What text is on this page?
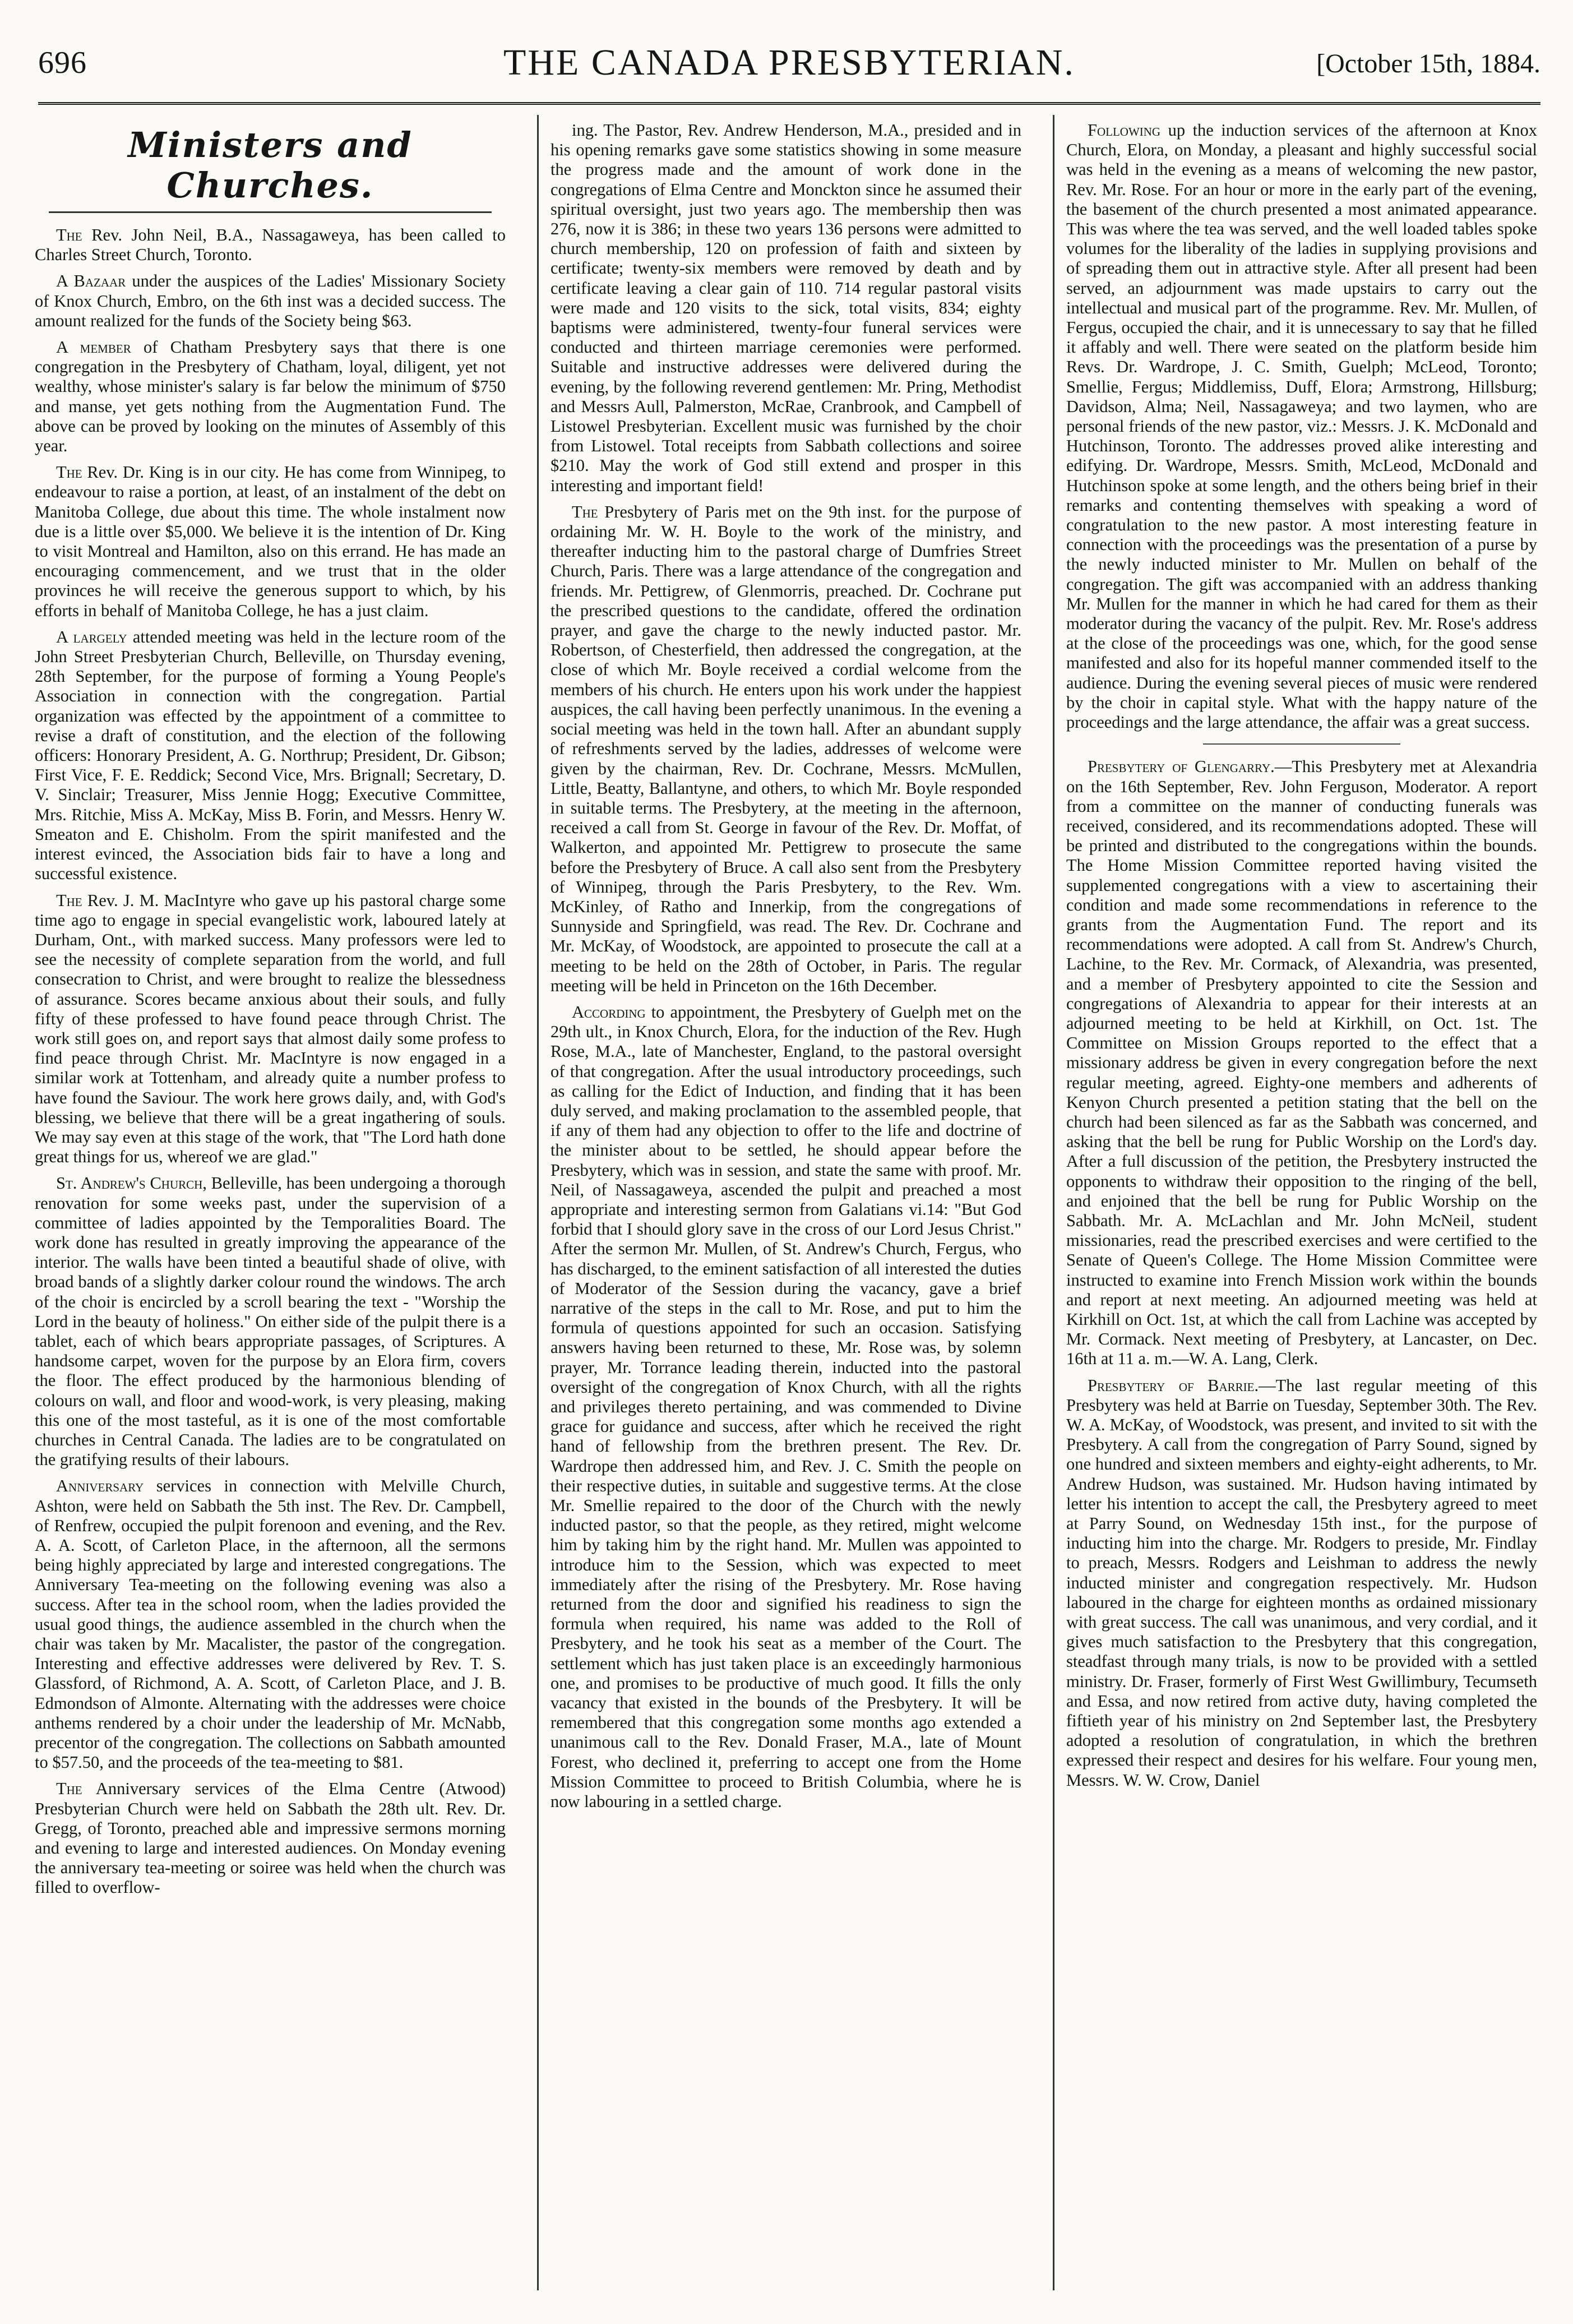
696	THE CANADA PRESBYTERIAN.	[October 15th, 1884.
Ministers and Churches.

The Rev. John Neil, B.A., Nassagaweya, has been called to Charles Street Church, Toronto.

A Bazaar under the auspices of the Ladies' Missionary Society of Knox Church, Embro, on the 6th inst was a decided success. The amount realized for the funds of the Society being $63.

A member of Chatham Presbytery says that there is one congregation in the Presbytery of Chatham, loyal, diligent, yet not wealthy, whose minister's salary is far below the minimum of $750 and manse, yet gets nothing from the Augmentation Fund. The above can be proved by looking on the minutes of Assembly of this year.

The Rev. Dr. King is in our city. He has come from Winnipeg, to endeavour to raise a portion, at least, of an instalment of the debt on Manitoba College, due about this time. The whole instalment now due is a little over $5,000. We believe it is the intention of Dr. King to visit Montreal and Hamilton, also on this errand. He has made an encouraging commencement, and we trust that in the older provinces he will receive the generous support to which, by his efforts in behalf of Manitoba College, he has a just claim.

A largely attended meeting was held in the lecture room of the John Street Presbyterian Church, Belleville, on Thursday evening, 28th September, for the purpose of forming a Young People's Association in connection with the congregation. Partial organization was effected by the appointment of a committee to revise a draft of constitution, and the election of the following officers: Honorary President, A. G. Northrup; President, Dr. Gibson; First Vice, F. E. Reddick; Second Vice, Mrs. Brignall; Secretary, D. V. Sinclair; Treasurer, Miss Jennie Hogg; Executive Committee, Mrs. Ritchie, Miss A. McKay, Miss B. Forin, and Messrs. Henry W. Smeaton and E. Chisholm. From the spirit manifested and the interest evinced, the Association bids fair to have a long and successful existence.

The Rev. J. M. MacIntyre who gave up his pastoral charge some time ago to engage in special evangelistic work, laboured lately at Durham, Ont., with marked success. Many professors were led to see the necessity of complete separation from the world, and full consecration to Christ, and were brought to realize the blessedness of assurance. Scores became anxious about their souls, and fully fifty of these professed to have found peace through Christ. The work still goes on, and report says that almost daily some profess to find peace through Christ. Mr. MacIntyre is now engaged in a similar work at Tottenham, and already quite a number profess to have found the Saviour. The work here grows daily, and, with God's blessing, we believe that there will be a great ingathering of souls. We may say even at this stage of the work, that "The Lord hath done great things for us, whereof we are glad."

St. Andrew's Church, Belleville, has been undergoing a thorough renovation for some weeks past, under the supervision of a committee of ladies appointed by the Temporalities Board. The work done has resulted in greatly improving the appearance of the interior. The walls have been tinted a beautiful shade of olive, with broad bands of a slightly darker colour round the windows. The arch of the choir is encircled by a scroll bearing the text - "Worship the Lord in the beauty of holiness." On either side of the pulpit there is a tablet, each of which bears appropriate passages, of Scriptures. A handsome carpet, woven for the purpose by an Elora firm, covers the floor. The effect produced by the harmonious blending of colours on wall, and floor and wood-work, is very pleasing, making this one of the most tasteful, as it is one of the most comfortable churches in Central Canada. The ladies are to be congratulated on the gratifying results of their labours.

Anniversary services in connection with Melville Church, Ashton, were held on Sabbath the 5th inst. The Rev. Dr. Campbell, of Renfrew, occupied the pulpit forenoon and evening, and the Rev. A. A. Scott, of Carleton Place, in the afternoon, all the sermons being highly appreciated by large and interested congregations. The Anniversary Tea-meeting on the following evening was also a success. After tea in the school room, when the ladies provided the usual good things, the audience assembled in the church when the chair was taken by Mr. Macalister, the pastor of the congregation. Interesting and effective addresses were delivered by Rev. T. S. Glassford, of Richmond, A. A. Scott, of Carleton Place, and J. B. Edmondson of Almonte. Alternating with the addresses were choice anthems rendered by a choir under the leadership of Mr. McNabb, precentor of the congregation. The collections on Sabbath amounted to $57.50, and the proceeds of the tea-meeting to $81.

The Anniversary services of the Elma Centre (Atwood) Presbyterian Church were held on Sabbath the 28th ult. Rev. Dr. Gregg, of Toronto, preached able and impressive sermons morning and evening to large and interested audiences. On Monday evening the anniversary tea-meeting or soiree was held when the church was filled to overflow-

ing. The Pastor, Rev. Andrew Henderson, M.A., presided and in his opening remarks gave some statistics showing in some measure the progress made and the amount of work done in the congregations of Elma Centre and Monckton since he assumed their spiritual oversight, just two years ago. The membership then was 276, now it is 386; in these two years 136 persons were admitted to church membership, 120 on profession of faith and sixteen by certificate; twenty-six members were removed by death and by certificate leaving a clear gain of 110. 714 regular pastoral visits were made and 120 visits to the sick, total visits, 834; eighty baptisms were administered, twenty-four funeral services were conducted and thirteen marriage ceremonies were performed. Suitable and instructive addresses were delivered during the evening, by the following reverend gentlemen: Mr. Pring, Methodist and Messrs Aull, Palmerston, McRae, Cranbrook, and Campbell of Listowel Presbyterian. Excellent music was furnished by the choir from Listowel. Total receipts from Sabbath collections and soiree $210. May the work of God still extend and prosper in this interesting and important field!

The Presbytery of Paris met on the 9th inst. for the purpose of ordaining Mr. W. H. Boyle to the work of the ministry, and thereafter inducting him to the pastoral charge of Dumfries Street Church, Paris. There was a large attendance of the congregation and friends. Mr. Pettigrew, of Glenmorris, preached. Dr. Cochrane put the prescribed questions to the candidate, offered the ordination prayer, and gave the charge to the newly inducted pastor. Mr. Robertson, of Chesterfield, then addressed the congregation, at the close of which Mr. Boyle received a cordial welcome from the members of his church. He enters upon his work under the happiest auspices, the call having been perfectly unanimous. In the evening a social meeting was held in the town hall. After an abundant supply of refreshments served by the ladies, addresses of welcome were given by the chairman, Rev. Dr. Cochrane, Messrs. McMullen, Little, Beatty, Ballantyne, and others, to which Mr. Boyle responded in suitable terms. The Presbytery, at the meeting in the afternoon, received a call from St. George in favour of the Rev. Dr. Moffat, of Walkerton, and appointed Mr. Pettigrew to prosecute the same before the Presbytery of Bruce. A call also sent from the Presbytery of Winnipeg, through the Paris Presbytery, to the Rev. Wm. McKinley, of Ratho and Innerkip, from the congregations of Sunnyside and Springfield, was read. The Rev. Dr. Cochrane and Mr. McKay, of Woodstock, are appointed to prosecute the call at a meeting to be held on the 28th of October, in Paris. The regular meeting will be held in Princeton on the 16th December.

According to appointment, the Presbytery of Guelph met on the 29th ult., in Knox Church, Elora, for the induction of the Rev. Hugh Rose, M.A., late of Manchester, England, to the pastoral oversight of that congregation. After the usual introductory proceedings, such as calling for the Edict of Induction, and finding that it has been duly served, and making proclamation to the assembled people, that if any of them had any objection to offer to the life and doctrine of the minister about to be settled, he should appear before the Presbytery, which was in session, and state the same with proof. Mr. Neil, of Nassagaweya, ascended the pulpit and preached a most appropriate and interesting sermon from Galatians vi.14: "But God forbid that I should glory save in the cross of our Lord Jesus Christ." After the sermon Mr. Mullen, of St. Andrew's Church, Fergus, who has discharged, to the eminent satisfaction of all interested the duties of Moderator of the Session during the vacancy, gave a brief narrative of the steps in the call to Mr. Rose, and put to him the formula of questions appointed for such an occasion. Satisfying answers having been returned to these, Mr. Rose was, by solemn prayer, Mr. Torrance leading therein, inducted into the pastoral oversight of the congregation of Knox Church, with all the rights and privileges thereto pertaining, and was commended to Divine grace for guidance and success, after which he received the right hand of fellowship from the brethren present. The Rev. Dr. Wardrope then addressed him, and Rev. J. C. Smith the people on their respective duties, in suitable and suggestive terms. At the close Mr. Smellie repaired to the door of the Church with the newly inducted pastor, so that the people, as they retired, might welcome him by taking him by the right hand. Mr. Mullen was appointed to introduce him to the Session, which was expected to meet immediately after the rising of the Presbytery. Mr. Rose having returned from the door and signified his readiness to sign the formula when required, his name was added to the Roll of Presbytery, and he took his seat as a member of the Court. The settlement which has just taken place is an exceedingly harmonious one, and promises to be productive of much good. It fills the only vacancy that existed in the bounds of the Presbytery. It will be remembered that this congregation some months ago extended a unanimous call to the Rev. Donald Fraser, M.A., late of Mount Forest, who declined it, preferring to accept one from the Home Mission Committee to proceed to British Columbia, where he is now labouring in a settled charge.

Following up the induction services of the afternoon at Knox Church, Elora, on Monday, a pleasant and highly successful social was held in the evening as a means of welcoming the new pastor, Rev. Mr. Rose. For an hour or more in the early part of the evening, the basement of the church presented a most animated appearance. This was where the tea was served, and the well loaded tables spoke volumes for the liberality of the ladies in supplying provisions and of spreading them out in attractive style. After all present had been served, an adjournment was made upstairs to carry out the intellectual and musical part of the programme. Rev. Mr. Mullen, of Fergus, occupied the chair, and it is unnecessary to say that he filled it affably and well. There were seated on the platform beside him Revs. Dr. Wardrope, J. C. Smith, Guelph; McLeod, Toronto; Smellie, Fergus; Middlemiss, Duff, Elora; Armstrong, Hillsburg; Davidson, Alma; Neil, Nassagaweya; and two laymen, who are personal friends of the new pastor, viz.: Messrs. J. K. McDonald and Hutchinson, Toronto. The addresses proved alike interesting and edifying. Dr. Wardrope, Messrs. Smith, McLeod, McDonald and Hutchinson spoke at some length, and the others being brief in their remarks and contenting themselves with speaking a word of congratulation to the new pastor. A most interesting feature in connection with the proceedings was the presentation of a purse by the newly inducted minister to Mr. Mullen on behalf of the congregation. The gift was accompanied with an address thanking Mr. Mullen for the manner in which he had cared for them as their moderator during the vacancy of the pulpit. Rev. Mr. Rose's address at the close of the proceedings was one, which, for the good sense manifested and also for its hopeful manner commended itself to the audience. During the evening several pieces of music were rendered by the choir in capital style. What with the happy nature of the proceedings and the large attendance, the affair was a great success.

Presbytery of Glengarry.—This Presbytery met at Alexandria on the 16th September, Rev. John Ferguson, Moderator. A report from a committee on the manner of conducting funerals was received, considered, and its recommendations adopted. These will be printed and distributed to the congregations within the bounds. The Home Mission Committee reported having visited the supplemented congregations with a view to ascertaining their condition and made some recommendations in reference to the grants from the Augmentation Fund. The report and its recommendations were adopted. A call from St. Andrew's Church, Lachine, to the Rev. Mr. Cormack, of Alexandria, was presented, and a member of Presbytery appointed to cite the Session and congregations of Alexandria to appear for their interests at an adjourned meeting to be held at Kirkhill, on Oct. 1st. The Committee on Mission Groups reported to the effect that a missionary address be given in every congregation before the next regular meeting, agreed. Eighty-one members and adherents of Kenyon Church presented a petition stating that the bell on the church had been silenced as far as the Sabbath was concerned, and asking that the bell be rung for Public Worship on the Lord's day. After a full discussion of the petition, the Presbytery instructed the opponents to withdraw their opposition to the ringing of the bell, and enjoined that the bell be rung for Public Worship on the Sabbath. Mr. A. McLachlan and Mr. John McNeil, student missionaries, read the prescribed exercises and were certified to the Senate of Queen's College. The Home Mission Committee were instructed to examine into French Mission work within the bounds and report at next meeting. An adjourned meeting was held at Kirkhill on Oct. 1st, at which the call from Lachine was accepted by Mr. Cormack. Next meeting of Presbytery, at Lancaster, on Dec. 16th at 11 a. m.—W. A. Lang, Clerk.

Presbytery of Barrie.—The last regular meeting of this Presbytery was held at Barrie on Tuesday, September 30th. The Rev. W. A. McKay, of Woodstock, was present, and invited to sit with the Presbytery. A call from the congregation of Parry Sound, signed by one hundred and sixteen members and eighty-eight adherents, to Mr. Andrew Hudson, was sustained. Mr. Hudson having intimated by letter his intention to accept the call, the Presbytery agreed to meet at Parry Sound, on Wednesday 15th inst., for the purpose of inducting him into the charge. Mr. Rodgers to preside, Mr. Findlay to preach, Messrs. Rodgers and Leishman to address the newly inducted minister and congregation respectively. Mr. Hudson laboured in the charge for eighteen months as ordained missionary with great success. The call was unanimous, and very cordial, and it gives much satisfaction to the Presbytery that this congregation, steadfast through many trials, is now to be provided with a settled ministry. Dr. Fraser, formerly of First West Gwillimbury, Tecumseth and Essa, and now retired from active duty, having completed the fiftieth year of his ministry on 2nd September last, the Presbytery adopted a resolution of congratulation, in which the brethren expressed their respect and desires for his welfare. Four young men, Messrs. W. W. Crow, Daniel
